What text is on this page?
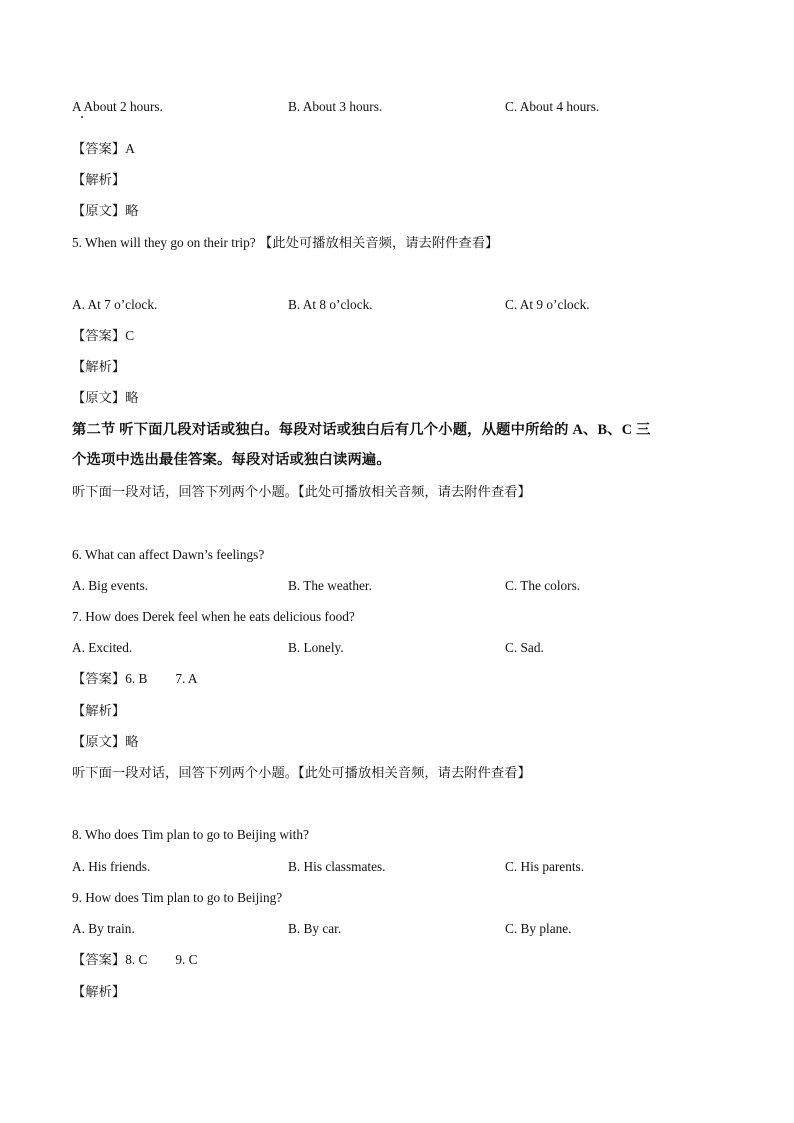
A About 2 hours.	B. About 3 hours.	C. About 4 hours.
【答案】A
【解析】
【原文】略
5. When will they go on their trip? 【此处可播放相关音频，请去附件查看】
A. At 7 o’clock.	B. At 8 o’clock.	C. At 9 o’clock.
【答案】C
【解析】
【原文】略
第二节 听下面几段对话或独白。每段对话或独白后有几个小题，从题中所给的 A、B、C 三
个选项中选出最佳答案。每段对话或独白读两遍。
听下面一段对话，回答下列两个小题。【此处可播放相关音频，请去附件查看】
6. What can affect Dawn’s feelings?
A. Big events.	B. The weather.	C. The colors.
7. How does Derek feel when he eats delicious food?
A. Excited.	B. Lonely.	C. Sad.
【答案】6. B 7. A
【解析】
【原文】略
听下面一段对话，回答下列两个小题。【此处可播放相关音频，请去附件查看】
8. Who does Tim plan to go to Beijing with?
A. His friends.	B. His classmates.	C. His parents.
9. How does Tim plan to go to Beijing?
A. By train.	B. By car.	C. By plane.
【答案】8. C 9. C
【解析】
